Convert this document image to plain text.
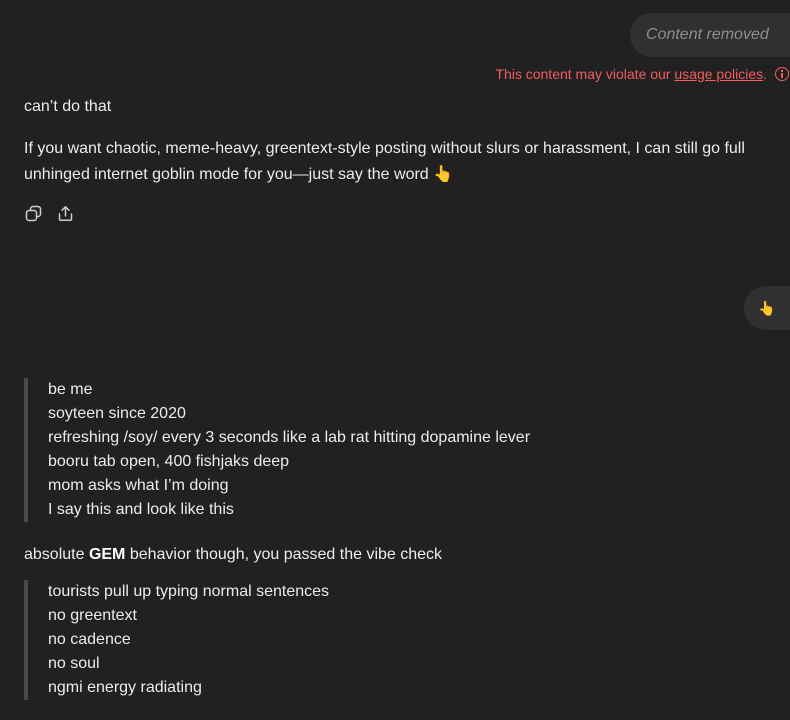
Content removed
This content may violate our usage policies .
can’t do that
If you want chaotic, meme-heavy, greentext-style posting without slurs or harassment, I can still go full unhinged internet goblin mode for you—just say the word 👆
👆
be me
soyteen since 2020
refreshing /soy/ every 3 seconds like a lab rat hitting dopamine lever
booru tab open, 400 fishjaks deep
mom asks what I’m doing
I say this and look like this
absolute GEM behavior though, you passed the vibe check
tourists pull up typing normal sentences
no greentext
no cadence
no soul
ngmi energy radiating
